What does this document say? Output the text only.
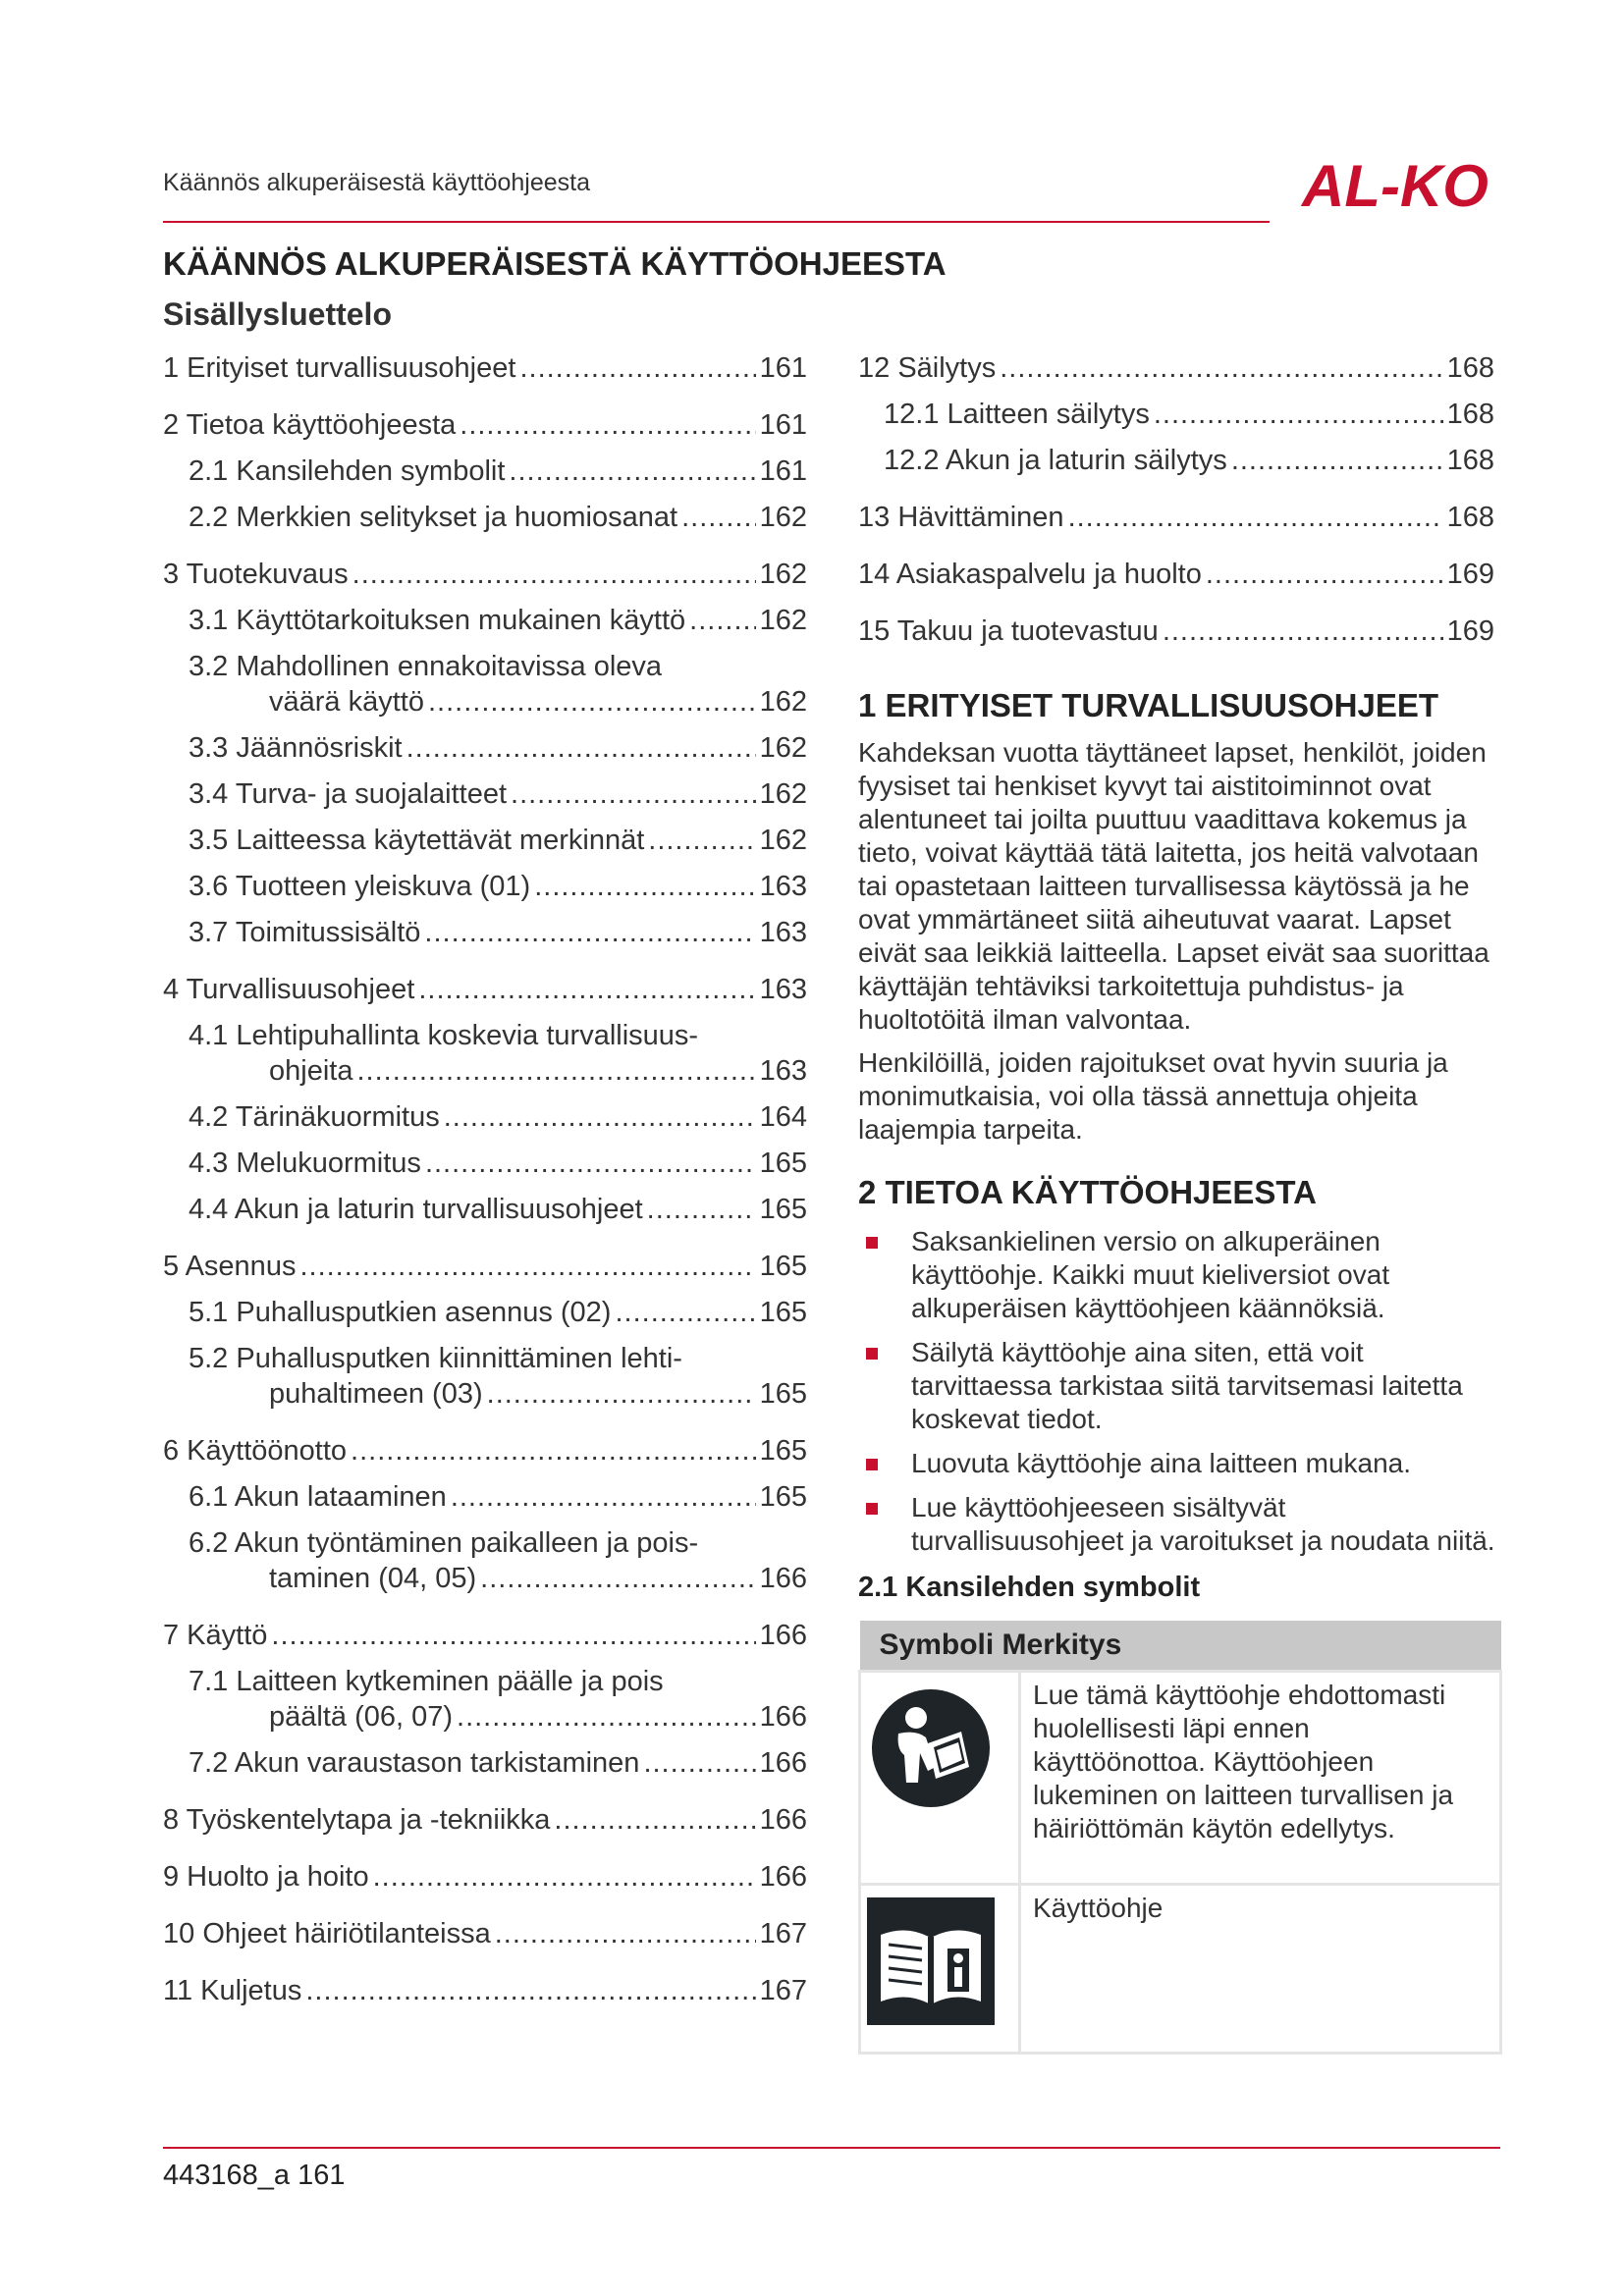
Käännös alkuperäisestä käyttöohjeesta	AL-KO
KÄÄNNÖS ALKUPERÄISESTÄ KÄYTTÖOHJEESTA
Sisällysluettelo
1 Erityiset turvallisuusohjeet .....	161
2 Tietoa käyttöohjeesta .....	161
2.1 Kansilehden symbolit .....	161
2.2 Merkkien selitykset ja huomiosanat .....	162
3 Tuotekuvaus .....	162
3.1 Käyttötarkoituksen mukainen käyttö .....	162
3.2 Mahdollinen ennakoitavissa oleva
väärä käyttö .....	162
3.3 Jäännösriskit .....	162
3.4 Turva- ja suojalaitteet .....	162
3.5 Laitteessa käytettävät merkinnät .....	162
3.6 Tuotteen yleiskuva (01) .....	163
3.7 Toimitussisältö .....	163
4 Turvallisuusohjeet .....	163
4.1 Lehtipuhallinta koskevia turvallisuus-
ohjeita .....	163
4.2 Tärinäkuormitus .....	164
4.3 Melukuormitus .....	165
4.4 Akun ja laturin turvallisuusohjeet .....	165
5 Asennus .....	165
5.1 Puhallusputkien asennus (02) .....	165
5.2 Puhallusputken kiinnittäminen lehti-
puhaltimeen (03) .....	165
6 Käyttöönotto .....	165
6.1 Akun lataaminen .....	165
6.2 Akun työntäminen paikalleen ja pois-
taminen (04, 05) .....	166
7 Käyttö .....	166
7.1 Laitteen kytkeminen päälle ja pois
päältä (06, 07) .....	166
7.2 Akun varaustason tarkistaminen .....	166
8 Työskentelytapa ja -tekniikka .....	166
9 Huolto ja hoito .....	166
10 Ohjeet häiriötilanteissa .....	167
11 Kuljetus .....	167
12 Säilytys .....	168
12.1 Laitteen säilytys .....	168
12.2 Akun ja laturin säilytys .....	168
13 Hävittäminen .....	168
14 Asiakaspalvelu ja huolto .....	169
15 Takuu ja tuotevastuu .....	169
1 ERITYISET TURVALLISUUSOHJEET

Kahdeksan vuotta täyttäneet lapset, henkilöt, joiden fyysiset tai henkiset kyvyt tai aistitoiminnot ovat alentuneet tai joilta puuttuu vaadittava kokemus ja tieto, voivat käyttää tätä laitetta, jos heitä valvotaan tai opastetaan laitteen turvallisessa käytössä ja he ovat ymmärtäneet siitä aiheutuvat vaarat. Lapset eivät saa leikkiä laitteella. Lapset eivät saa suorittaa käyttäjän tehtäviksi tarkoitettuja puhdistus- ja huoltotöitä ilman valvontaa.

Henkilöillä, joiden rajoitukset ovat hyvin suuria ja monimutkaisia, voi olla tässä annettuja ohjeita laajempia tarpeita.

2 TIETOA KÄYTTÖOHJEESTA
Saksankielinen versio on alkuperäinen käyttöohje. Kaikki muut kieliversiot ovat alkuperäisen käyttöohjeen käännöksiä.
Säilytä käyttöohje aina siten, että voit tarvittaessa tarkistaa siitä tarvitsemasi laitetta koskevat tiedot.
Luovuta käyttöohje aina laitteen mukana.
Lue käyttöohjeeseen sisältyvät turvallisuusohjeet ja varoitukset ja noudata niitä.
2.1 Kansilehden symbolit
Symboli Merkitys	
	Lue tämä käyttöohje ehdottomasti huolellisesti läpi ennen käyttöönottoa. Käyttöohjeen lukeminen on laitteen turvallisen ja häiriöttömän käytön edellytys.
	Käyttöohje
443168_a 161
